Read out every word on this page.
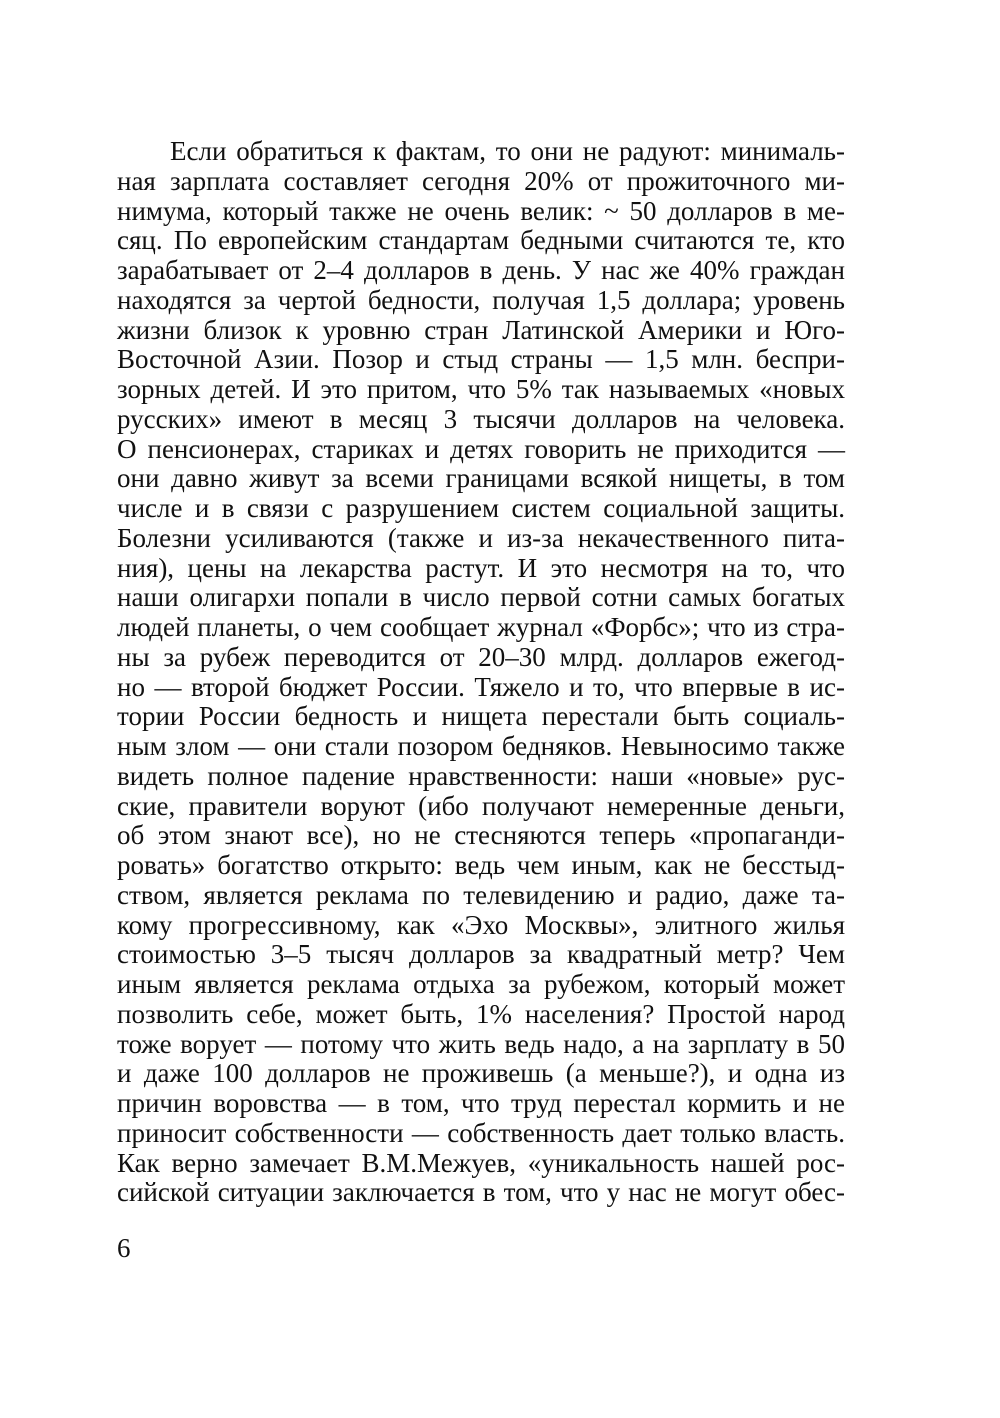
Если обратиться к фактам, то они не радуют: минималь-
ная зарплата составляет сегодня 20% от прожиточного ми-
нимума, который также не очень велик: ~ 50 долларов в ме-
сяц. По европейским стандартам бедными считаются те, кто
зарабатывает от 2–4 долларов в день. У нас же 40% граждан
находятся за чертой бедности, получая 1,5 доллара; уровень
жизни близок к уровню стран Латинской Америки и Юго-
Восточной Азии. Позор и стыд страны — 1,5 млн. беспри-
зорных детей. И это притом, что 5% так называемых «новых
русских» имеют в месяц 3 тысячи долларов на человека.
О пенсионерах, стариках и детях говорить не приходится —
они давно живут за всеми границами всякой нищеты, в том
числе и в связи с разрушением систем социальной защиты.
Болезни усиливаются (также и из-за некачественного пита-
ния), цены на лекарства растут. И это несмотря на то, что
наши олигархи попали в число первой сотни самых богатых
людей планеты, о чем сообщает журнал «Форбс»; что из стра-
ны за рубеж переводится от 20–30 млрд. долларов ежегод-
но — второй бюджет России. Тяжело и то, что впервые в ис-
тории России бедность и нищета перестали быть социаль-
ным злом — они стали позором бедняков. Невыносимо также
видеть полное падение нравственности: наши «новые» рус-
ские, правители воруют (ибо получают немеренные деньги,
об этом знают все), но не стесняются теперь «пропаганди-
ровать» богатство открыто: ведь чем иным, как не бесстыд-
ством, является реклама по телевидению и радио, даже та-
кому прогрессивному, как «Эхо Москвы», элитного жилья
стоимостью 3–5 тысяч долларов за квадратный метр? Чем
иным является реклама отдыха за рубежом, который может
позволить себе, может быть, 1% населения? Простой народ
тоже ворует — потому что жить ведь надо, а на зарплату в 50
и даже 100 долларов не проживешь (а меньше?), и одна из
причин воровства — в том, что труд перестал кормить и не
приносит собственности — собственность дает только власть.
Как верно замечает В.М.Межуев, «уникальность нашей рос-
сийской ситуации заключается в том, что у нас не могут обес-
6
